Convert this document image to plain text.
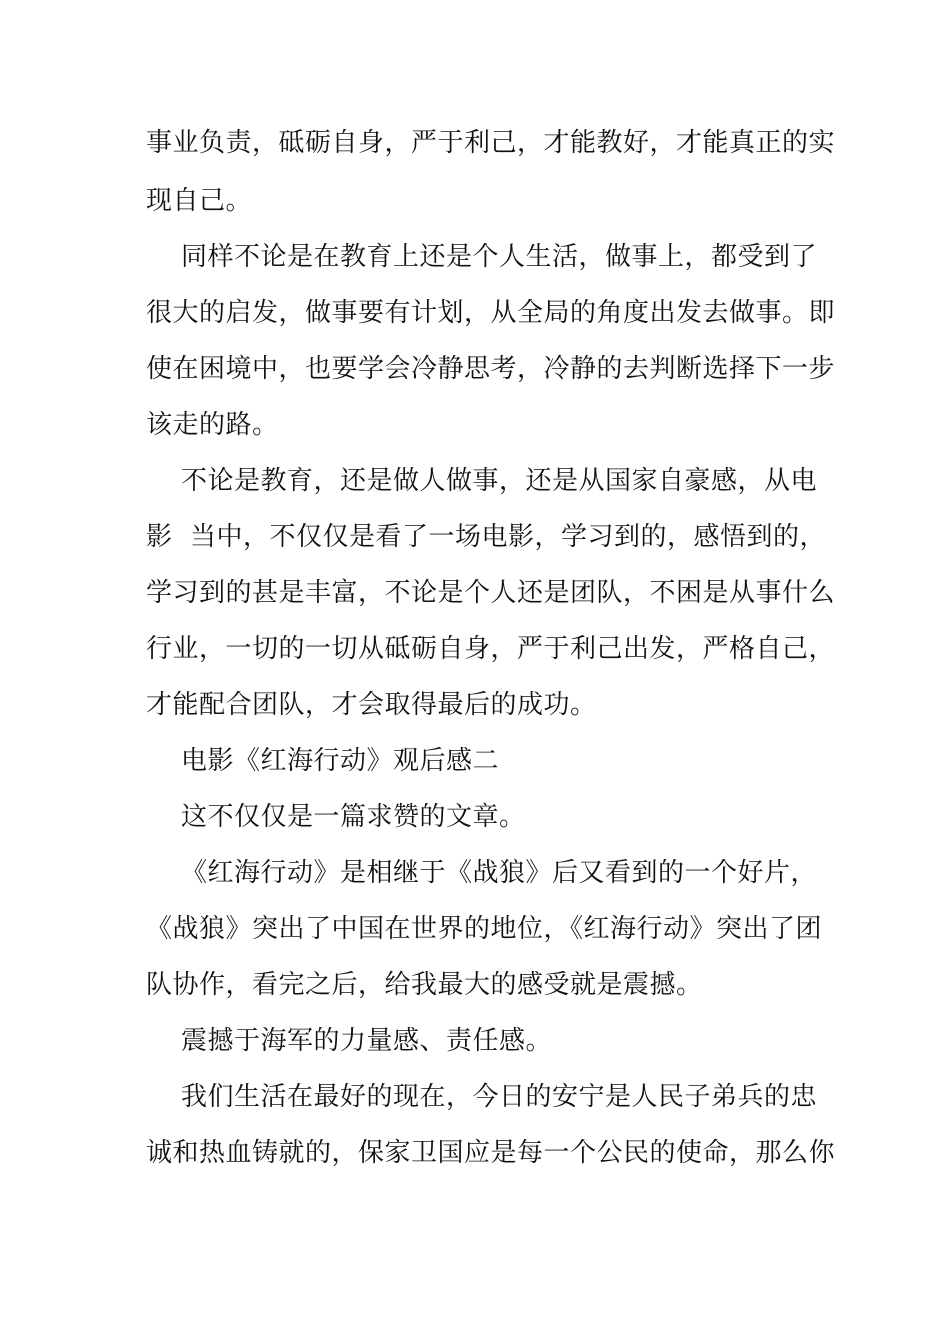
事业负责，砥砺自身，严于利己，才能教好，才能真正的实
现自己。
同样不论是在教育上还是个人生活，做事上，都受到了
很大的启发，做事要有计划，从全局的角度出发去做事。即
使在困境中，也要学会冷静思考，冷静的去判断选择下一步
该走的路。
不论是教育，还是做人做事，还是从国家自豪感，从电
影  当中，不仅仅是看了一场电影，学习到的，感悟到的，
学习到的甚是丰富，不论是个人还是团队，不困是从事什么
行业，一切的一切从砥砺自身，严于利己出发，严格自己，
才能配合团队，才会取得最后的成功。
电影《红海行动》观后感二
这不仅仅是一篇求赞的文章。
《红海行动》是相继于《战狼》后又看到的一个好片，
《战狼》突出了中国在世界的地位，《红海行动》突出了团
队协作，看完之后，给我最大的感受就是震撼。
震撼于海军的力量感、责任感。
我们生活在最好的现在，今日的安宁是人民子弟兵的忠
诚和热血铸就的，保家卫国应是每一个公民的使命，那么你
